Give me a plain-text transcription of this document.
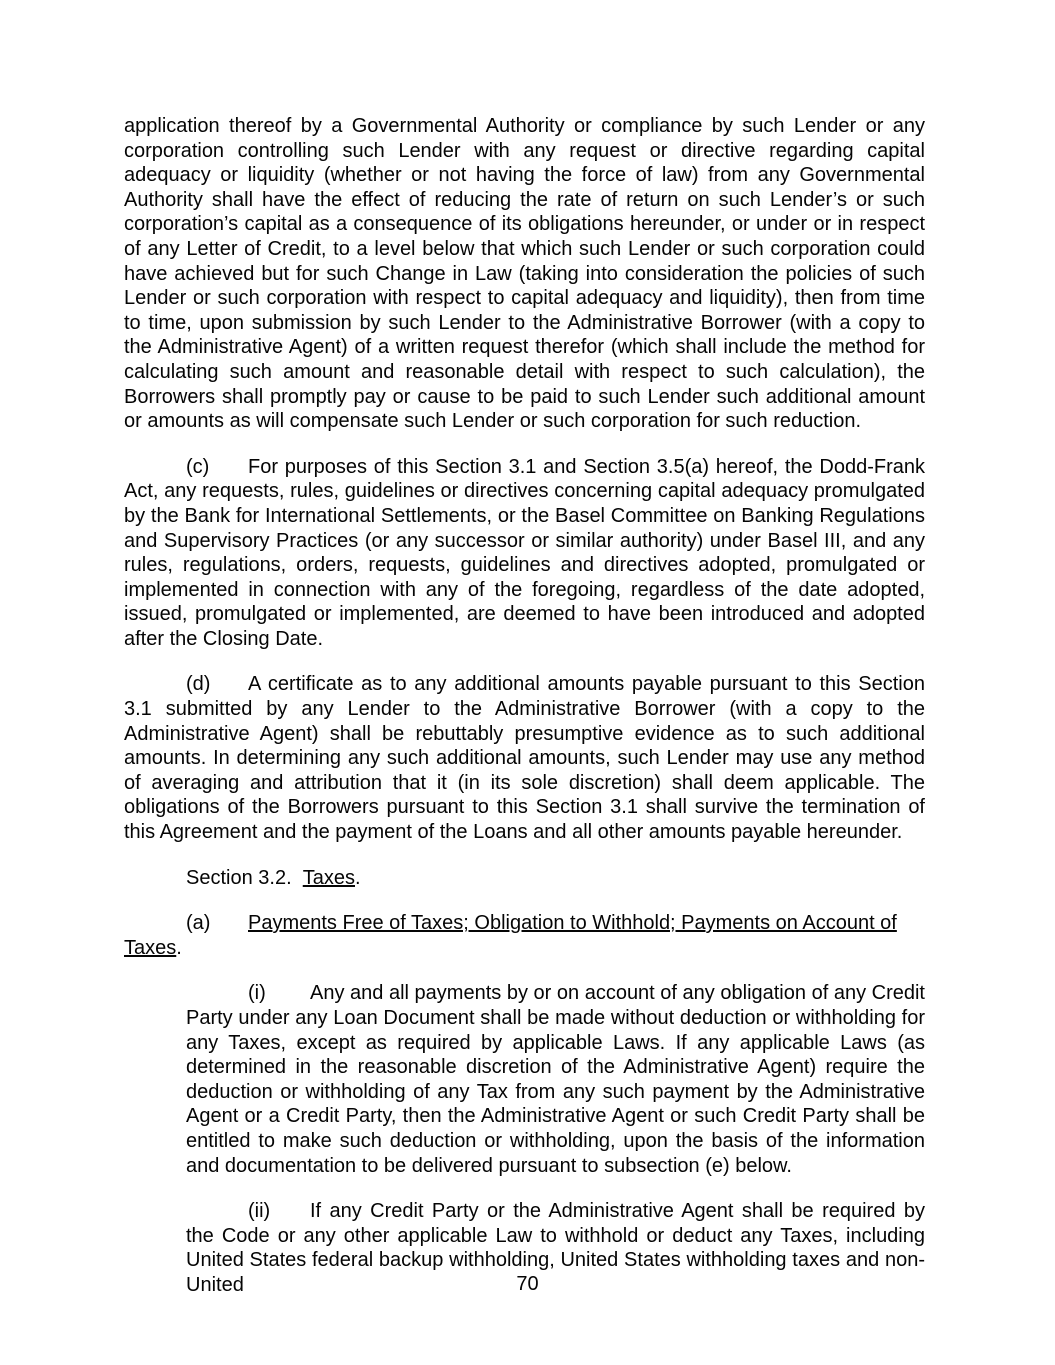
application thereof by a Governmental Authority or compliance by such Lender or any corporation controlling such Lender with any request or directive regarding capital adequacy or liquidity (whether or not having the force of law) from any Governmental Authority shall have the effect of reducing the rate of return on such Lender’s or such corporation’s capital as a consequence of its obligations hereunder, or under or in respect of any Letter of Credit, to a level below that which such Lender or such corporation could have achieved but for such Change in Law (taking into consideration the policies of such Lender or such corporation with respect to capital adequacy and liquidity), then from time to time, upon submission by such Lender to the Administrative Borrower (with a copy to the Administrative Agent) of a written request therefor (which shall include the method for calculating such amount and reasonable detail with respect to such calculation), the Borrowers shall promptly pay or cause to be paid to such Lender such additional amount or amounts as will compensate such Lender or such corporation for such reduction.

(c) For purposes of this Section 3.1 and Section 3.5(a) hereof, the Dodd-Frank Act, any requests, rules, guidelines or directives concerning capital adequacy promulgated by the Bank for International Settlements, or the Basel Committee on Banking Regulations and Supervisory Practices (or any successor or similar authority) under Basel III, and any rules, regulations, orders, requests, guidelines and directives adopted, promulgated or implemented in connection with any of the foregoing, regardless of the date adopted, issued, promulgated or implemented, are deemed to have been introduced and adopted after the Closing Date.

(d) A certificate as to any additional amounts payable pursuant to this Section 3.1 submitted by any Lender to the Administrative Borrower (with a copy to the Administrative Agent) shall be rebuttably presumptive evidence as to such additional amounts. In determining any such additional amounts, such Lender may use any method of averaging and attribution that it (in its sole discretion) shall deem applicable. The obligations of the Borrowers pursuant to this Section 3.1 shall survive the termination of this Agreement and the payment of the Loans and all other amounts payable hereunder.

Section 3.2. Taxes.

(a) Payments Free of Taxes; Obligation to Withhold; Payments on Account of Taxes.

(i) Any and all payments by or on account of any obligation of any Credit Party under any Loan Document shall be made without deduction or withholding for any Taxes, except as required by applicable Laws. If any applicable Laws (as determined in the reasonable discretion of the Administrative Agent) require the deduction or withholding of any Tax from any such payment by the Administrative Agent or a Credit Party, then the Administrative Agent or such Credit Party shall be entitled to make such deduction or withholding, upon the basis of the information and documentation to be delivered pursuant to subsection (e) below.

(ii) If any Credit Party or the Administrative Agent shall be required by the Code or any other applicable Law to withhold or deduct any Taxes, including United States federal backup withholding, United States withholding taxes and non-United	70
